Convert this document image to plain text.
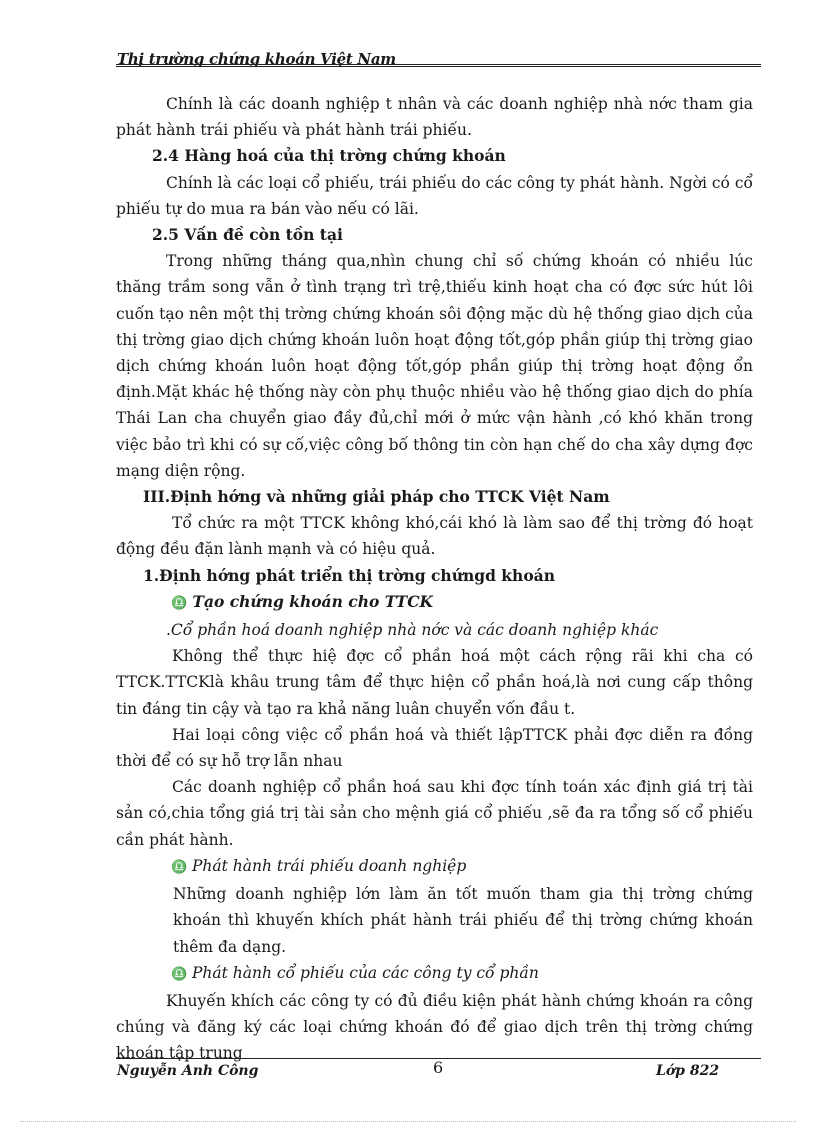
Thị trường chứng khoán Việt Nam

Chính là các doanh nghiệp t nhân và các doanh nghiệp nhà nớc tham gia phát hành trái phiếu và phát hành trái phiếu.

2.4 Hàng hoá của thị trờng chứng khoán

Chính là các loại cổ phiếu, trái phiếu do các công ty phát hành. Ngời có cổ phiếu tự do mua ra bán vào nếu có lãi.

2.5 Vấn đề còn tồn tại

Trong những tháng qua,nhìn chung chỉ số chứng khoán có nhiều lúc thăng trầm song vẫn ở tình trạng trì trệ,thiếu kinh hoạt cha có đợc sức hút lôi cuốn tạo nên một thị trờng chứng khoán sôi động mặc dù hệ thống giao dịch của thị trờng giao dịch chứng khoán luôn hoạt động tốt,góp phần giúp thị trờng giao dịch chứng khoán luôn hoạt động tốt,góp phần giúp thị trờng hoạt động ổn định.Mặt khác hệ thống này còn phụ thuộc nhiều vào hệ thống giao dịch do phía Thái Lan cha chuyển giao đầy đủ,chỉ mới ở mức vận hành ,có khó khăn trong việc bảo trì khi có sự cố,việc công bố thông tin còn hạn chế do cha xây dựng đợc mạng diện rộng.

III.Định hớng và những giải pháp cho TTCK Việt Nam

Tổ chức ra một TTCK không khó,cái khó là làm sao để thị trờng đó hoạt động đều đặn lành mạnh và có hiệu quả.

1.Định hớng phát triển thị trờng chứngd khoán

♎ Tạo chứng khoán cho TTCK

.Cổ phần hoá doanh nghiệp nhà nớc và các doanh nghiệp khác

Không thể thực hiệ đợc cổ phần hoá một cách rộng rãi khi cha có TTCK.TTCKlà khâu trung tâm để thực hiện cổ phần hoá,là nơi cung cấp thông tin đáng tin cậy và tạo ra khả năng luân chuyển vốn đầu t.

Hai loại công việc cổ phần hoá và thiết lậpTTCK phải đợc diễn ra đồng thời để có sự hỗ trợ lẫn nhau

Các doanh nghiệp cổ phần hoá sau khi đợc tính toán xác định giá trị tài sản có,chia tổng giá trị tài sản cho mệnh giá cổ phiếu ,sẽ đa ra tổng số cổ phiếu cần phát hành.

♎ Phát hành trái phiếu doanh nghiệp

Những doanh nghiệp lớn làm ăn tốt muốn tham gia thị trờng chứng khoán thì khuyến khích phát hành trái phiếu để thị trờng chứng khoán thêm đa dạng.

♎ Phát hành cổ phiếu của các công ty cổ phần

Khuyến khích các công ty có đủ điều kiện phát hành chứng khoán ra công chúng và đăng ký các loại chứng khoán đó để giao dịch trên thị trờng chứng khoán tập trung

Nguyễn Anh Công	6	Lớp 822
